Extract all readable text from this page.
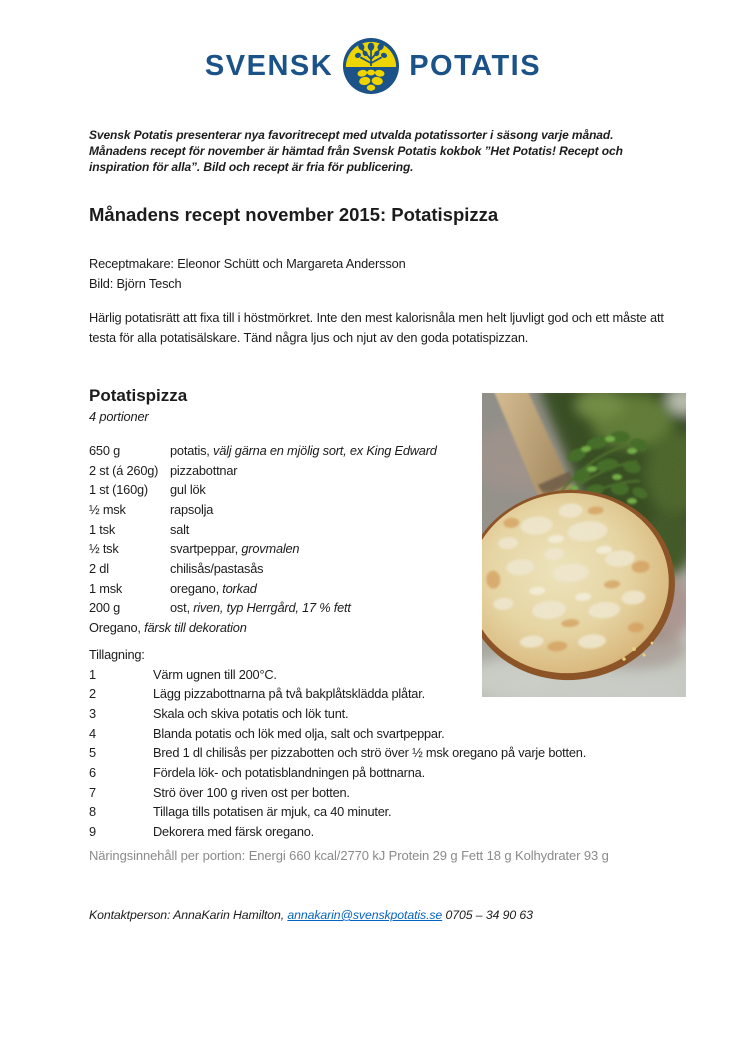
SVENSK	POTATIS

Svensk Potatis presenterar nya favoritrecept med utvalda potatissorter i säsong varje månad.

Månadens recept för november är hämtad från Svensk Potatis kokbok ”Het Potatis! Recept och inspiration för alla”. Bild och recept är fria för publicering.

Månadens recept november 2015: Potatispizza
Receptmakare: Eleonor Schütt och Margareta Andersson
Bild: Björn Tesch
Härlig potatisrätt att fixa till i höstmörkret. Inte den mest kalorisnåla men helt ljuvligt god och ett måste att testa för alla potatisälskare. Tänd några ljus och njut av den goda potatispizzan.
Potatispizza
4 portioner
650 g	potatis, välj gärna en mjölig sort, ex King Edward
2 st (á 260g) pizzabottnar
1 st (160g)	gul lök
½ msk	rapsolja
1 tsk	salt
½ tsk	svartpeppar, grovmalen
2 dl	chilisås/pastasås
1 msk	oregano, torkad
200 g	ost, riven, typ Herrgård, 17 % fett
Oregano, färsk till dekoration
Tillagning:
1	Värm ugnen till 200°C.
2	Lägg pizzabottnarna på två bakplåtsklädda plåtar.
3	Skala och skiva potatis och lök tunt.
4	Blanda potatis och lök med olja, salt och svartpeppar.
5	Bred 1 dl chilisås per pizzabotten och strö över ½ msk oregano på varje botten.
6	Fördela lök- och potatisblandningen på bottnarna.
7	Strö över 100 g riven ost per botten.
8	Tillaga tills potatisen är mjuk, ca 40 minuter.
9	Dekorera med färsk oregano.
Näringsinnehåll per portion: Energi 660 kcal/2770 kJ Protein 29 g Fett 18 g Kolhydrater 93 g
Kontaktperson: AnnaKarin Hamilton, annakarin@svenskpotatis.se 0705 – 34 90 63
